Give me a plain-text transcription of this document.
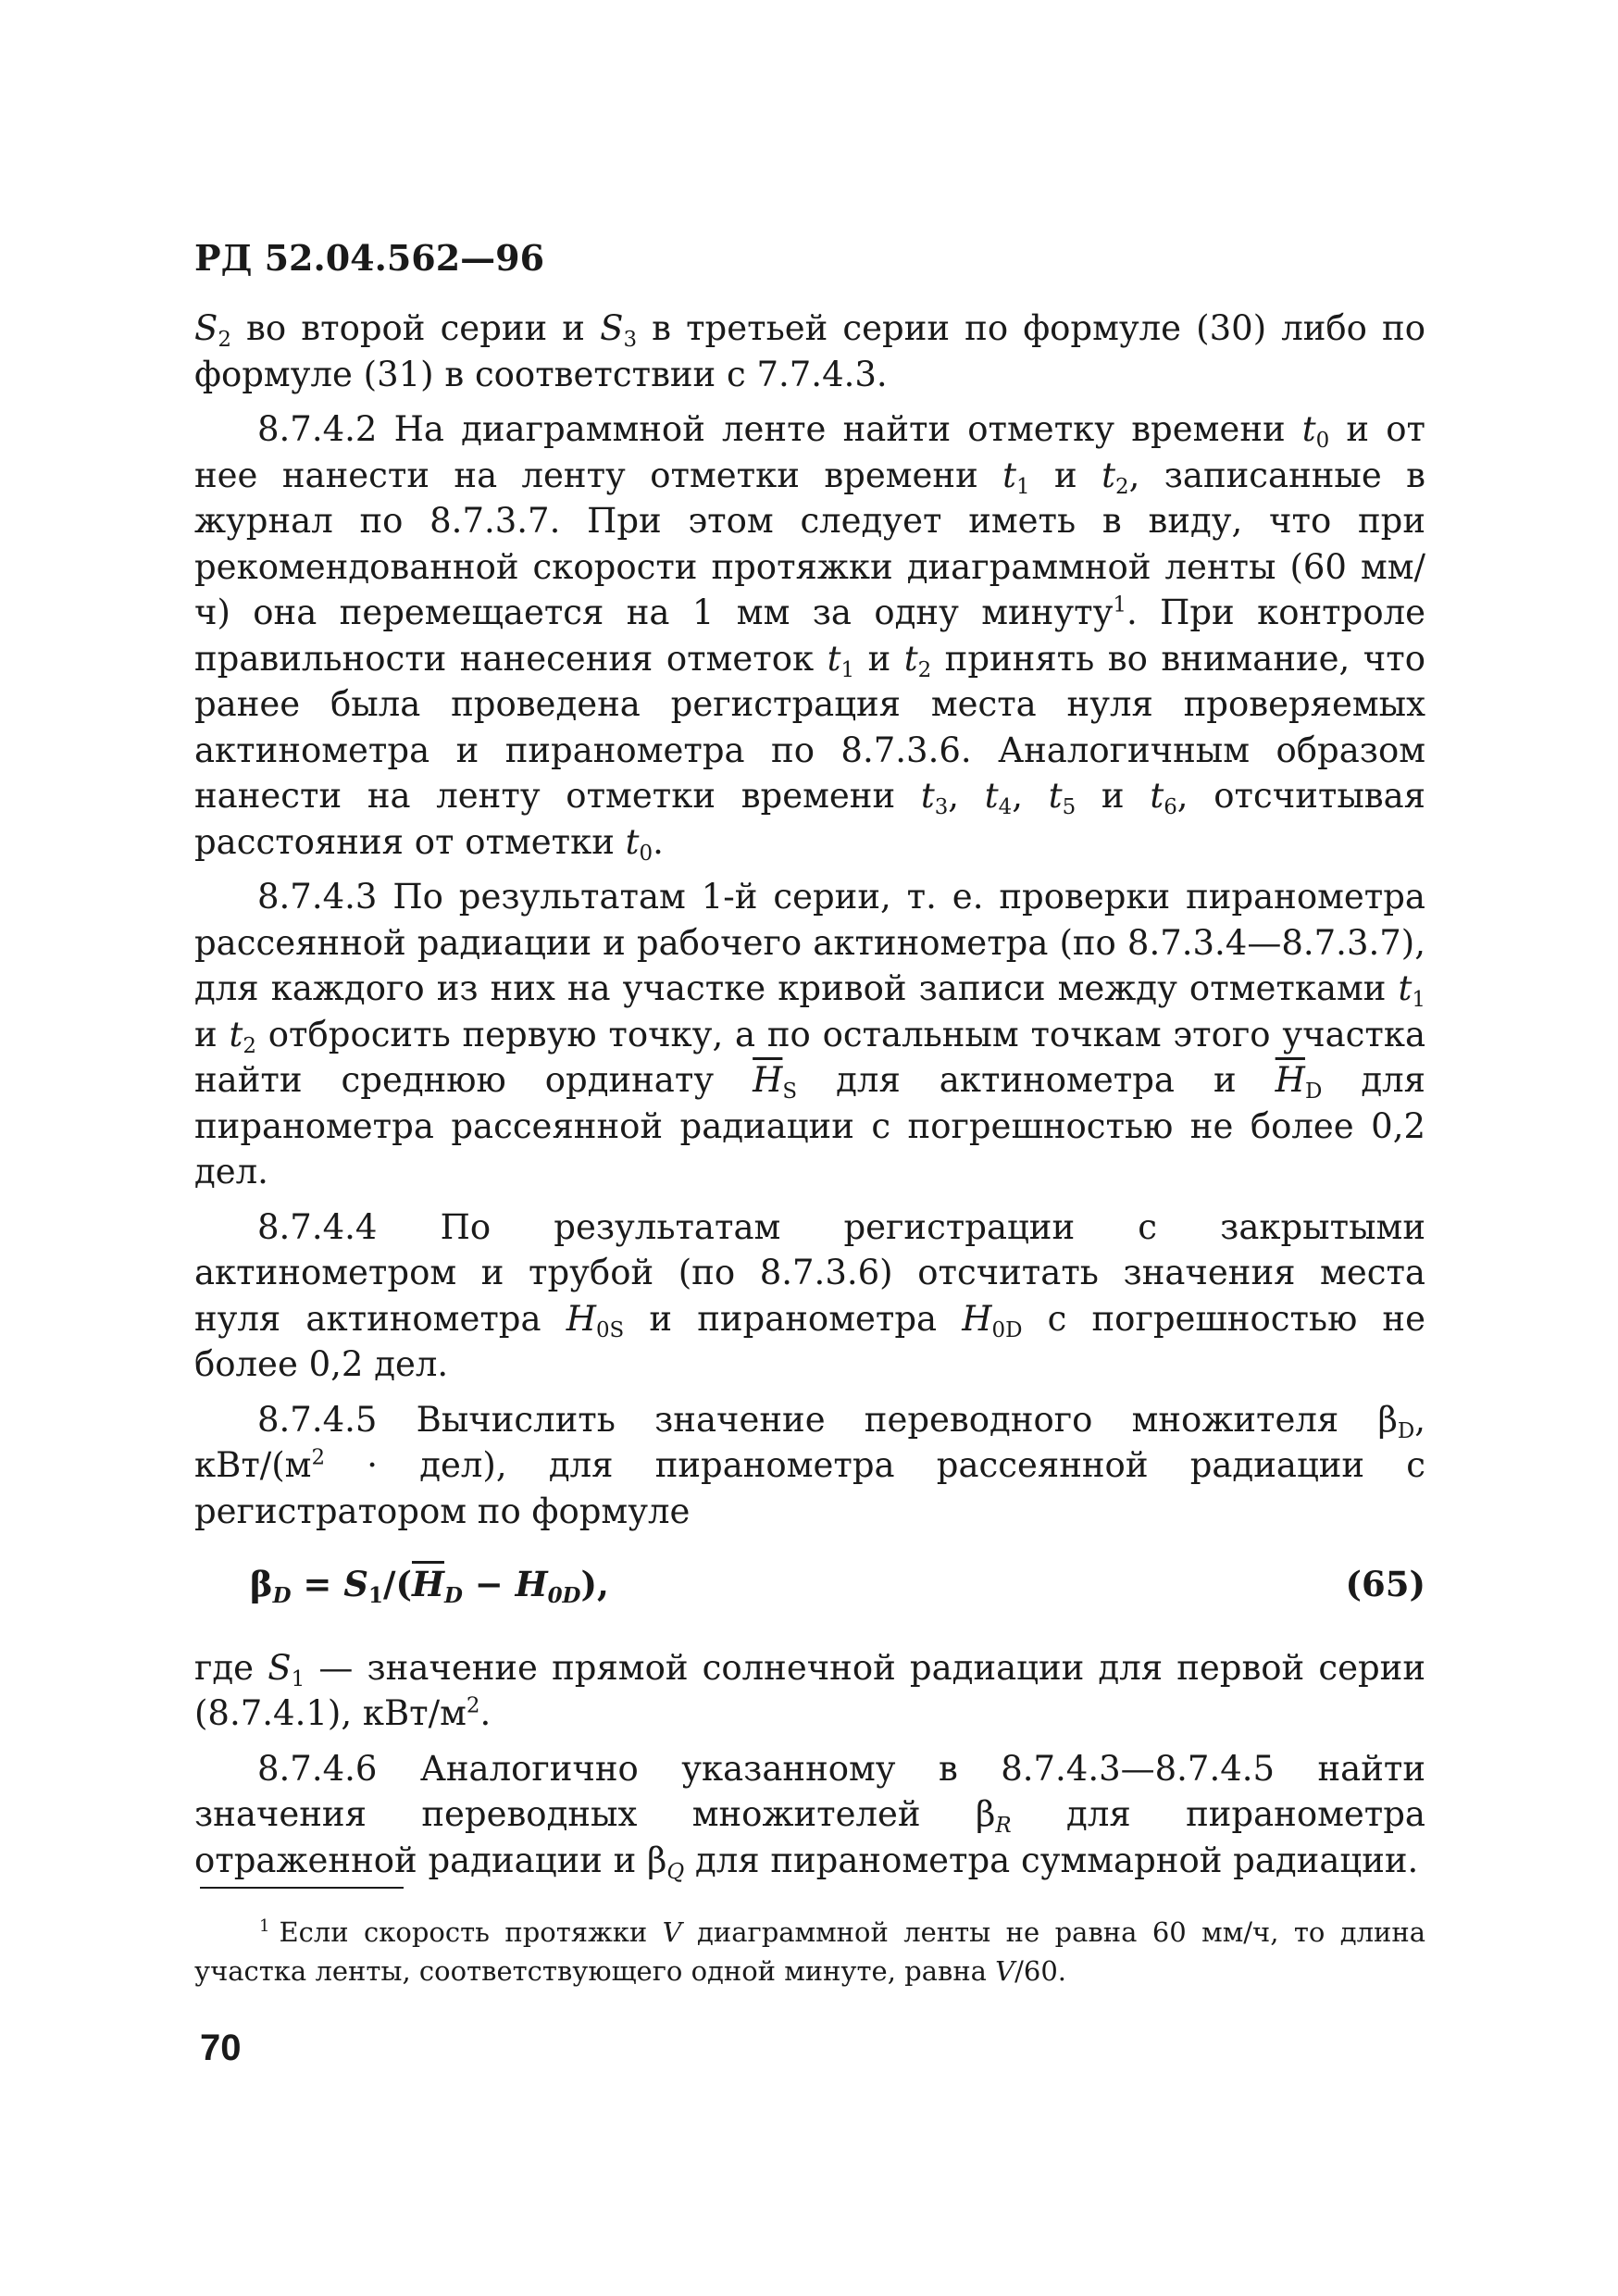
РД 52.04.562—96

$S_2$ во второй серии и $S_3$ в третьей серии по формуле (30) либо по формуле (31) в соответствии с 7.7.4.3.

8.7.4.2 На диаграммной ленте найти отметку времени $t_0$ и от нее нанести на ленту отметки времени $t_1$ и $t_2$, записанные в журнал по 8.7.3.7. При этом следует иметь в виду, что при рекомендованной скорости протяжки диаграммной ленты (60 мм/ч) она перемещается на 1 мм за одну минуту$^1$. При контроле правильности нанесения отметок $t_1$ и $t_2$ принять во внимание, что ранее была проведена регистрация места нуля проверяемых актинометра и пиранометра по 8.7.3.6. Аналогичным образом нанести на ленту отметки времени $t_3$, $t_4$, $t_5$ и $t_6$, отсчитывая расстояния от отметки $t_0$.

8.7.4.3 По результатам 1-й серии, т. е. проверки пиранометра рассеянной радиации и рабочего актинометра (по 8.7.3.4—8.7.3.7), для каждого из них на участке кривой записи между отметками $t_1$ и $t_2$ отбросить первую точку, а по остальным точкам этого участка найти среднюю ординату $\overline{H}_S$ для актинометра и $\overline{H}_D$ для пиранометра рассеянной радиации с погрешностью не более 0,2 дел.

8.7.4.4 По результатам регистрации с закрытыми актинометром и трубой (по 8.7.3.6) отсчитать значения места нуля актинометра $H_{0S}$ и пиранометра $H_{0D}$ с погрешностью не более 0,2 дел.

8.7.4.5 Вычислить значение переводного множителя $\beta_D$, кВт/$(м^2 \cdot дел)$, для пиранометра рассеянной радиации с регистратором по формуле

$\beta_D = S_1/(\overline{H}_D - H_{0D})$,	(65)

где $S_1$ — значение прямой солнечной радиации для первой серии (8.7.4.1), кВт/$м^2$.

8.7.4.6 Аналогично указанному в 8.7.4.3—8.7.4.5 найти значения переводных множителей $\beta_R$ для пиранометра отраженной радиации и $\beta_Q$ для пиранометра суммарной радиации.

$^1$ Если скорость протяжки V диаграммной ленты не равна 60 мм/ч, то длина участка ленты, соответствующего одной минуте, равна V/60.
70
